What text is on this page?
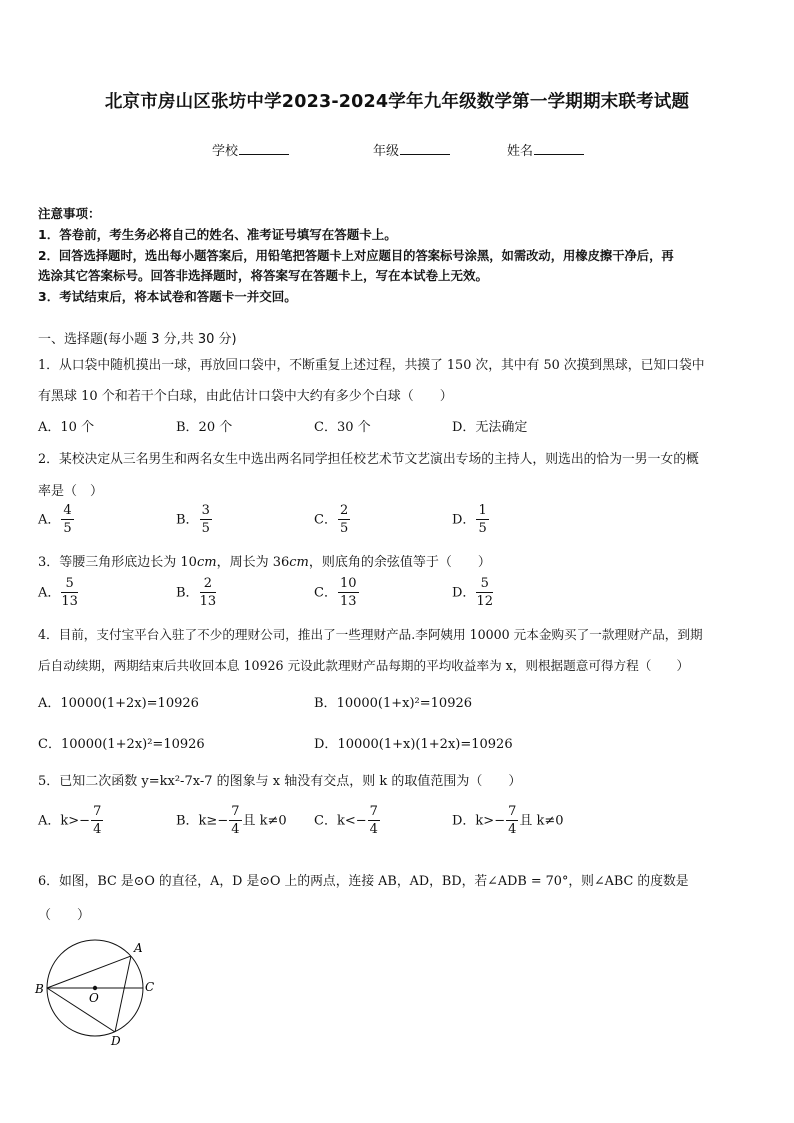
北京市房山区张坊中学2023-2024学年九年级数学第一学期期末联考试题
学校	年级	姓名
注意事项：
1．答卷前，考生务必将自己的姓名、准考证号填写在答题卡上。
2．回答选择题时，选出每小题答案后，用铅笔把答题卡上对应题目的答案标号涂黑，如需改动，用橡皮擦干净后，再
选涂其它答案标号。回答非选择题时，将答案写在答题卡上，写在本试卷上无效。
3．考试结束后，将本试卷和答题卡一并交回。
一、选择题(每小题 3 分,共 30 分)
1．从口袋中随机摸出一球，再放回口袋中，不断重复上述过程，共摸了 150 次，其中有 50 次摸到黑球，已知口袋中
有黑球 10 个和若干个白球，由此估计口袋中大约有多少个白球（　　）
A．10 个	B．20 个	C．30 个	D．无法确定
2．某校决定从三名男生和两名女生中选出两名同学担任校艺术节文艺演出专场的主持人，则选出的恰为一男一女的概
率是（　）
A． $\frac{4}{5}$	B． $\frac{3}{5}$	C． $\frac{2}{5}$	D． $\frac{1}{5}$
3．等腰三角形底边长为 10cm，周长为 36cm，则底角的余弦值等于（　　）
A． $\frac{5}{13}$	B． $\frac{2}{13}$	C． $\frac{10}{13}$	D． $\frac{5}{12}$
4．目前，支付宝平台入驻了不少的理财公司，推出了一些理财产品.李阿姨用 10000 元本金购买了一款理财产品，到期
后自动续期，两期结束后共收回本息 10926 元设此款理财产品每期的平均收益率为 x，则根据题意可得方程（　　）
A．10000(1+2x)=10926	B．10000(1+x)²=10926
C．10000(1+2x)²=10926	D．10000(1+x)(1+2x)=10926
5．已知二次函数 y=kx²-7x-7 的图象与 x 轴没有交点，则 k 的取值范围为（　　）
A．$k>- \frac{7}{4}$	B．$k\ge- \frac{7}{4}$ 且 k≠0 C．$k<- \frac{7}{4}$	D．$k>- \frac{7}{4}$ 且 k≠0
6．如图，BC 是⊙O 的直径，A，D 是⊙O 上的两点，连接 AB，AD，BD，若∠ADB = 70°，则∠ABC 的度数是
（　　）
A
B	C
D
O
